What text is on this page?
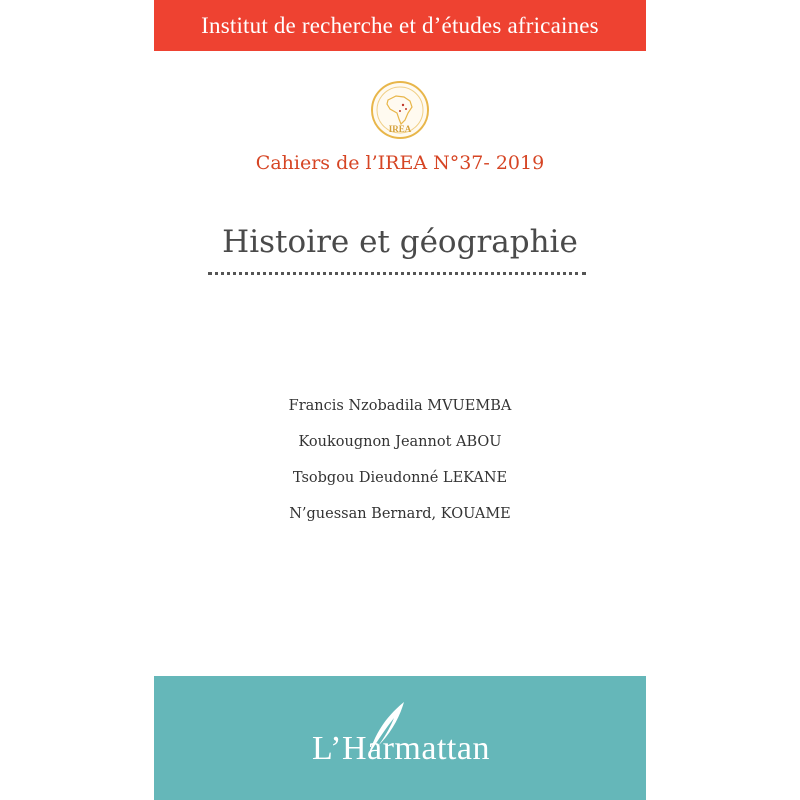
Institut de recherche et d’études africaines
IREA
Cahiers de l’IREA N°37- 2019
Histoire et géographie
Francis Nzobadila MVUEMBA
Koukougnon Jeannot ABOU
Tsobgou Dieudonné LEKANE
N’guessan Bernard, KOUAME
L’Harmattan
